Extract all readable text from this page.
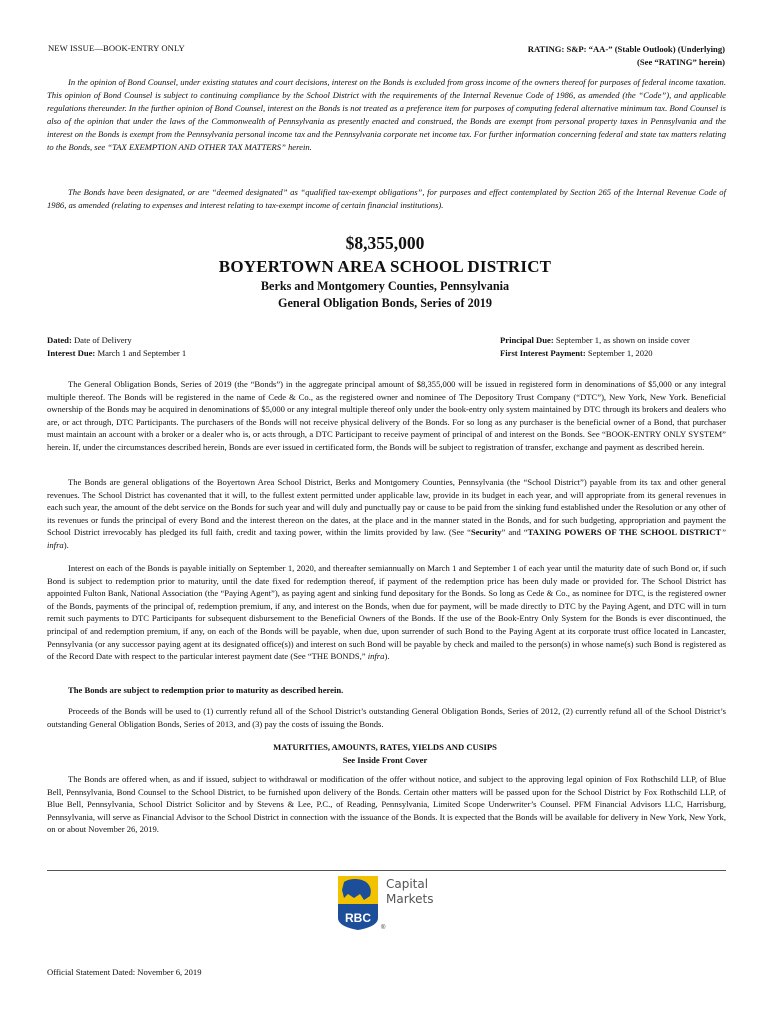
NEW ISSUE—BOOK-ENTRY ONLY	RATING: S&P: “AA-” (Stable Outlook) (Underlying)
(See “RATING” herein)

In the opinion of Bond Counsel, under existing statutes and court decisions, interest on the Bonds is excluded from gross income of the owners thereof for purposes of federal income taxation. This opinion of Bond Counsel is subject to continuing compliance by the School District with the requirements of the Internal Revenue Code of 1986, as amended (the “Code”), and applicable regulations thereunder. In the further opinion of Bond Counsel, interest on the Bonds is not treated as a preference item for purposes of computing federal alternative minimum tax. Bond Counsel is also of the opinion that under the laws of the Commonwealth of Pennsylvania as presently enacted and construed, the Bonds are exempt from personal property taxes in Pennsylvania and the interest on the Bonds is exempt from the Pennsylvania personal income tax and the Pennsylvania corporate net income tax. For further information concerning federal and state tax matters relating to the Bonds, see “TAX EXEMPTION AND OTHER TAX MATTERS” herein.

The Bonds have been designated, or are “deemed designated” as “qualified tax-exempt obligations”, for purposes and effect contemplated by Section 265 of the Internal Revenue Code of 1986, as amended (relating to expenses and interest relating to tax-exempt income of certain financial institutions).

$8,355,000
BOYERTOWN AREA SCHOOL DISTRICT
Berks and Montgomery Counties, Pennsylvania
General Obligation Bonds, Series of 2019
Dated: Date of Delivery
Interest Due: March 1 and September 1
Principal Due: September 1, as shown on inside cover
First Interest Payment: September 1, 2020

The General Obligation Bonds, Series of 2019 (the “Bonds”) in the aggregate principal amount of $8,355,000 will be issued in registered form in denominations of $5,000 or any integral multiple thereof. The Bonds will be registered in the name of Cede & Co., as the registered owner and nominee of The Depository Trust Company (“DTC”), New York, New York. Beneficial ownership of the Bonds may be acquired in denominations of $5,000 or any integral multiple thereof only under the book-entry only system maintained by DTC through its brokers and dealers who are, or act through, DTC Participants. The purchasers of the Bonds will not receive physical delivery of the Bonds. For so long as any purchaser is the beneficial owner of a Bond, that purchaser must maintain an account with a broker or a dealer who is, or acts through, a DTC Participant to receive payment of principal of and interest on the Bonds. See “BOOK-ENTRY ONLY SYSTEM” herein. If, under the circumstances described herein, Bonds are ever issued in certificated form, the Bonds will be subject to registration of transfer, exchange and payment as described herein.

The Bonds are general obligations of the Boyertown Area School District, Berks and Montgomery Counties, Pennsylvania (the “School District”) payable from its tax and other general revenues. The School District has covenanted that it will, to the fullest extent permitted under applicable law, provide in its budget in each year, and will appropriate from its general revenues in each such year, the amount of the debt service on the Bonds for such year and will duly and punctually pay or cause to be paid from the sinking fund established under the Resolution or any other of its revenues or funds the principal of every Bond and the interest thereon on the dates, at the place and in the manner stated in the Bonds, and for such budgeting, appropriation and payment the School District irrevocably has pledged its full faith, credit and taxing power, within the limits provided by law. (See “Security” and “TAXING POWERS OF THE SCHOOL DISTRICT” infra).

Interest on each of the Bonds is payable initially on September 1, 2020, and thereafter semiannually on March 1 and September 1 of each year until the maturity date of such Bond or, if such Bond is subject to redemption prior to maturity, until the date fixed for redemption thereof, if payment of the redemption price has been duly made or provided for. The School District has appointed Fulton Bank, National Association (the “Paying Agent”), as paying agent and sinking fund depositary for the Bonds. So long as Cede & Co., as nominee for DTC, is the registered owner of the Bonds, payments of the principal of, redemption premium, if any, and interest on the Bonds, when due for payment, will be made directly to DTC by the Paying Agent, and DTC will in turn remit such payments to DTC Participants for subsequent disbursement to the Beneficial Owners of the Bonds. If the use of the Book-Entry Only System for the Bonds is ever discontinued, the principal of and redemption premium, if any, on each of the Bonds will be payable, when due, upon surrender of such Bond to the Paying Agent at its corporate trust office located in Lancaster, Pennsylvania (or any successor paying agent at its designated office(s)) and interest on such Bond will be payable by check and mailed to the person(s) in whose name(s) such Bond is registered as of the Record Date with respect to the particular interest payment date (See “THE BONDS,” infra).

The Bonds are subject to redemption prior to maturity as described herein.

Proceeds of the Bonds will be used to (1) currently refund all of the School District’s outstanding General Obligation Bonds, Series of 2012, (2) currently refund all of the School District’s outstanding General Obligation Bonds, Series of 2013, and (3) pay the costs of issuing the Bonds.

MATURITIES, AMOUNTS, RATES, YIELDS AND CUSIPS
See Inside Front Cover

The Bonds are offered when, as and if issued, subject to withdrawal or modification of the offer without notice, and subject to the approving legal opinion of Fox Rothschild LLP, of Blue Bell, Pennsylvania, Bond Counsel to the School District, to be furnished upon delivery of the Bonds. Certain other matters will be passed upon for the School District by Fox Rothschild LLP, of Blue Bell, Pennsylvania, School District Solicitor and by Stevens & Lee, P.C., of Reading, Pennsylvania, Limited Scope Underwriter’s Counsel. PFM Financial Advisors LLC, Harrisburg, Pennsylvania, will serve as Financial Advisor to the School District in connection with the issuance of the Bonds. It is expected that the Bonds will be available for delivery in New York, New York, on or about November 26, 2019.

RBC
®
Capital
Markets
Official Statement Dated: November 6, 2019
